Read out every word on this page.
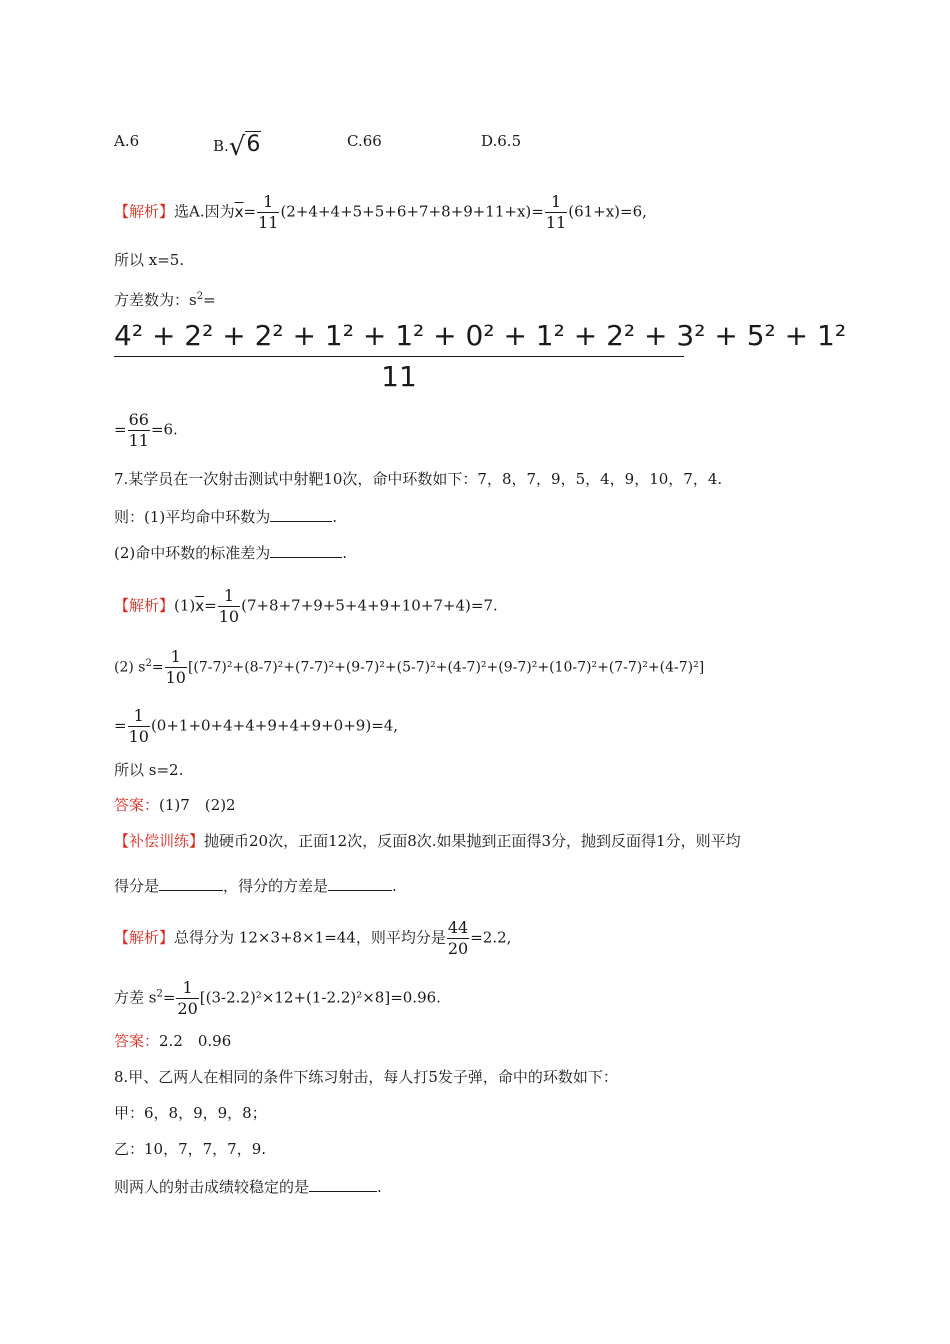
A.6	B.√6	C.66	D.6.5
【解析】选A.因为$\overline{x}= \frac{1}{11} (2+4+4+5+5+6+7+8+9+11+x)= \frac{1}{11} (61+x)=6$,
所以 x=5.
方差数为：$s^2=$
$\frac{\text{4² + 2² + 2² + 1² + 1² + 0² + 1² + 2² + 3² + 5² + 1²}}{11}$
= $\frac{66}{11} =6$.
7.某学员在一次射击测试中射靶10次，命中环数如下：7，8，7，9，5，4，9，10，7，4.
则：(1)平均命中环数为	.
(2)命中环数的标准差为	.
【解析】$(1)\overline{x}= \frac{1}{10} (7+8+7+9+5+4+9+10+7+4)=7$.
(2) $s^2= \frac{1}{10} [(7-7)^2+(8-7)^2+(7-7)^2+(9-7)^2+(5-7)^2+(4-7)^2+(9-7)^2+(10-7)^2+(7-7)^2+(4-7)^2]$
= $\frac{1}{10} (0+1+0+4+4+9+4+9+0+9)=4$,
所以 s=2.
答案：(1)7　(2)2
【补偿训练】抛硬币20次，正面12次，反面8次.如果抛到正面得3分，抛到反面得1分，则平均
得分是	，得分的方差是	.
【解析】总得分为 12×3+8×1=44，则平均分是 $\frac{44}{20} =2.2$,
方差 $s^2= \frac{1}{20} [(3-2.2)^2\times 12+(1-2.2)^2\times 8]=0.96$.
答案：2.2　0.96
8.甲、乙两人在相同的条件下练习射击，每人打5发子弹，命中的环数如下：
甲：6，8，9，9，8；
乙：10，7，7，7，9.
则两人的射击成绩较稳定的是	.
